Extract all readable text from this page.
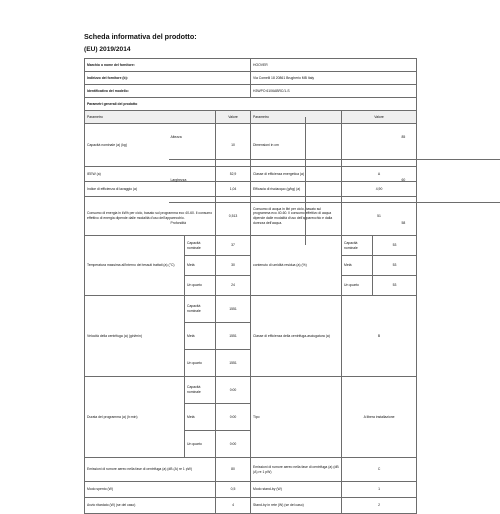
Scheda informativa del prodotto:
(EU) 2019/2014
Marchio o nome del fornitore:	HOOVER
Indirizzo del fornitore (b):	Via Comelli 18 20861 Brugherio MB Italy
Identificativo del modello:	H3WPO 6106ABRC/1-S
Parametri generali del prodotto
Parametro	Valore	Parametro	Valore
Capacità nominale (a) (kg)	10	Dimensioni in cm	
Altezza	85
Larghezza	60
Profondità	58

IEEW (a)	52,9	Classe di efficienza energetica (a)	A
Indice di efficienza di lavaggio (a)	1,04	Efficacia di risciacquo (g/kg) (a)	4,90
Consumo di energia in kWh per ciclo, basato sul programma eco 40-60. Il consumo effettivo di energia dipende dalle modalità d'uso dell'apparecchio.	0,513	Consumo di acqua in litri per ciclo, basato sul programma eco 40-60. Il consumo effettivo di acqua dipende dalle modalità d'uso dell'apparecchio e dalla durezza dell'acqua.	51
Temperatura massima all'interno dei tessuti trattati (a) (°C)	Capacità nominale	37	contenuto di umidità residua (a) (%)	Capacità nominale	53
Metà	30	Metà	53
Un quarto	24	Un quarto	53
Velocità della centrifuga (a) (giri/min)	Capacità nominale	1551	Classe di efficienza della centrifuga-asciugatura (a)	B
Metà	1551
Un quarto	1551
Durata del programma (a) (h:min)	Capacità nominale	0:00	Tipo	A libera installazione
Metà	0:00
Un quarto	0:00
Emissioni di rumore aereo nella fase di centrifuga (a) (dB (A) re 1 pW)	80	Emissioni di rumore aereo nella fase di centrifuga (a) (dB (A) re 1 pW)	C
Modo spento (W)	0,5	Modo stand-by (W)	1
Avvio ritardato (W) (se del caso)	4	Stand-by in rete (W) (se del caso)	2
